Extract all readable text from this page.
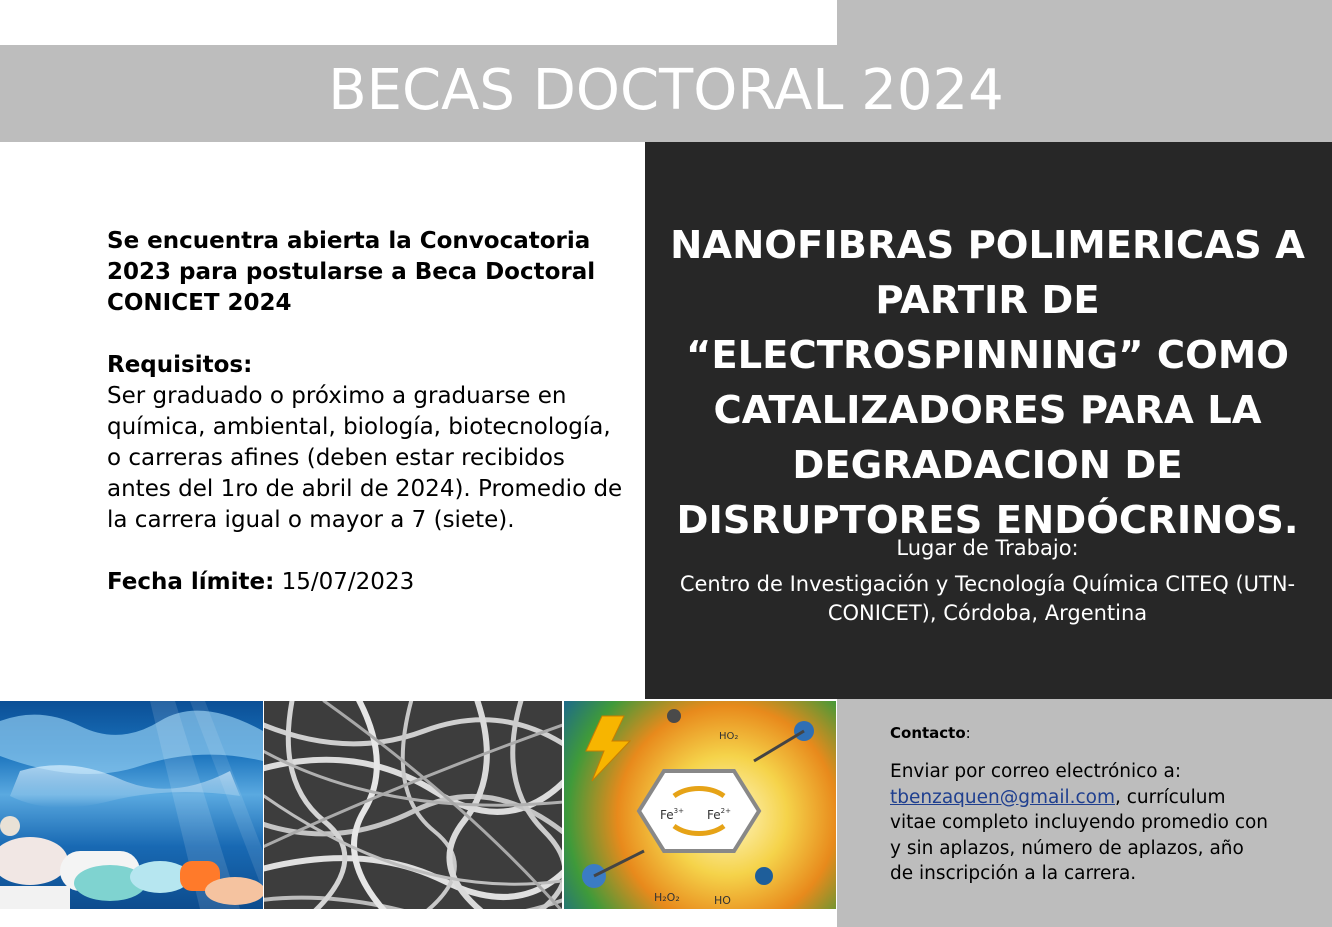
BECAS DOCTORAL 2024

Se encuentra abierta la Convocatoria 2023 para postularse a Beca Doctoral CONICET 2024

Requisitos:

Ser graduado o próximo a graduarse en química, ambiental, biología, biotecnología, o carreras afines (deben estar recibidos antes del 1ro de abril de 2024). Promedio de la carrera igual o mayor a 7 (siete).

Fecha límite: 15/07/2023

NANOFIBRAS POLIMERICAS A PARTIR DE “ELECTROSPINNING” COMO CATALIZADORES PARA LA DEGRADACION DE DISRUPTORES ENDÓCRINOS.
Lugar de Trabajo:
Centro de Investigación y Tecnología Química CITEQ (UTN-CONICET), Córdoba, Argentina
$Fe^{3+}$ $Fe^{2+}$
H₂O₂	HO
HO₂	Contacto:
Enviar por correo electrónico a: tbenzaquen@gmail.com, currículum vitae completo incluyendo promedio con y sin aplazos, número de aplazos, año de inscripción a la carrera.
